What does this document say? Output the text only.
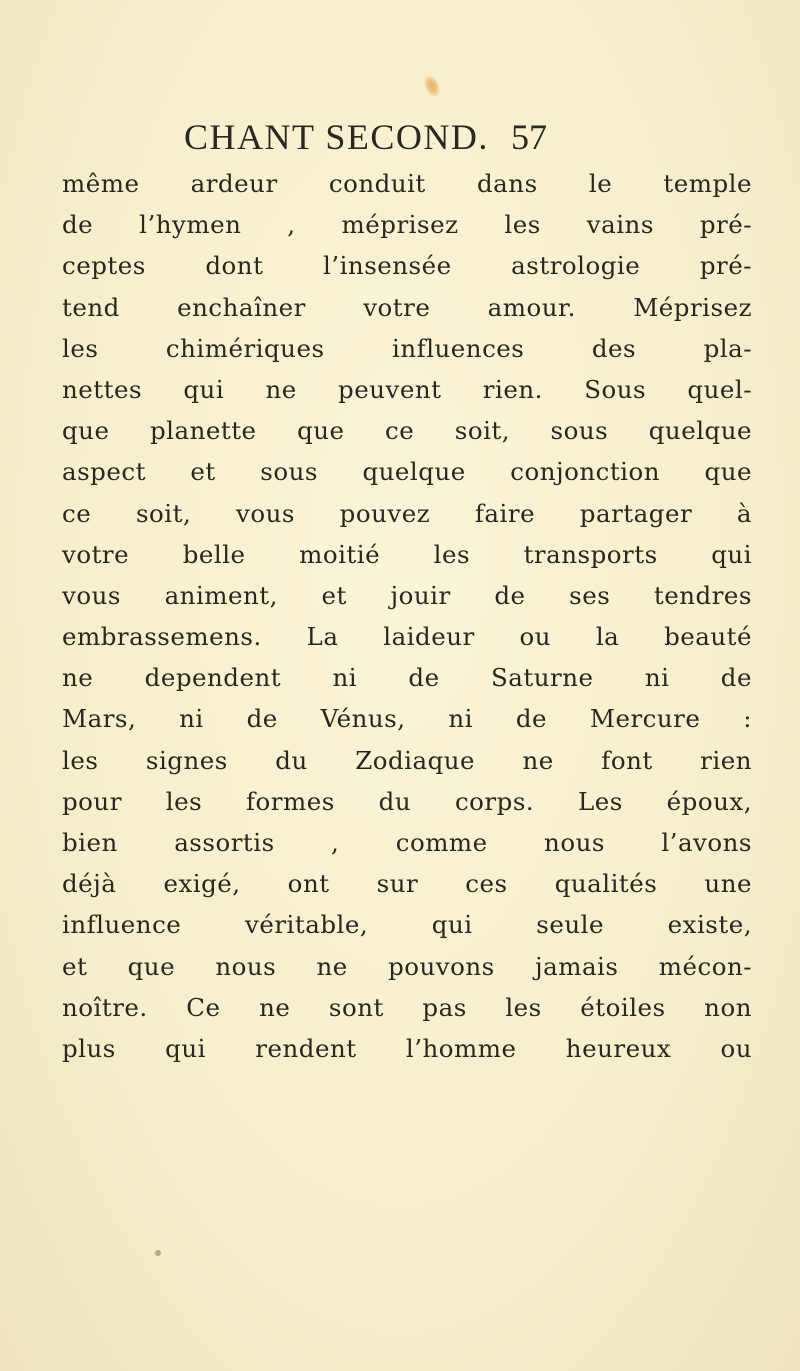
CHANT SECOND. 57
même ardeur conduit dans le temple
de l’hymen , méprisez les vains pré-
ceptes dont l’insensée astrologie pré-
tend enchaîner votre amour. Méprisez
les chimériques influences des pla-
nettes qui ne peuvent rien. Sous quel-
que planette que ce soit, sous quelque
aspect et sous quelque conjonction que
ce soit, vous pouvez faire partager à
votre belle moitié les transports qui
vous animent, et jouir de ses tendres
embrassemens. La laideur ou la beauté
ne dependent ni de Saturne ni de
Mars, ni de Vénus, ni de Mercure :
les signes du Zodiaque ne font rien
pour les formes du corps. Les époux,
bien assortis , comme nous l’avons
déjà exigé, ont sur ces qualités une
influence véritable, qui seule existe,
et que nous ne pouvons jamais mécon-
noître. Ce ne sont pas les étoiles non
plus qui rendent l’homme heureux ou
